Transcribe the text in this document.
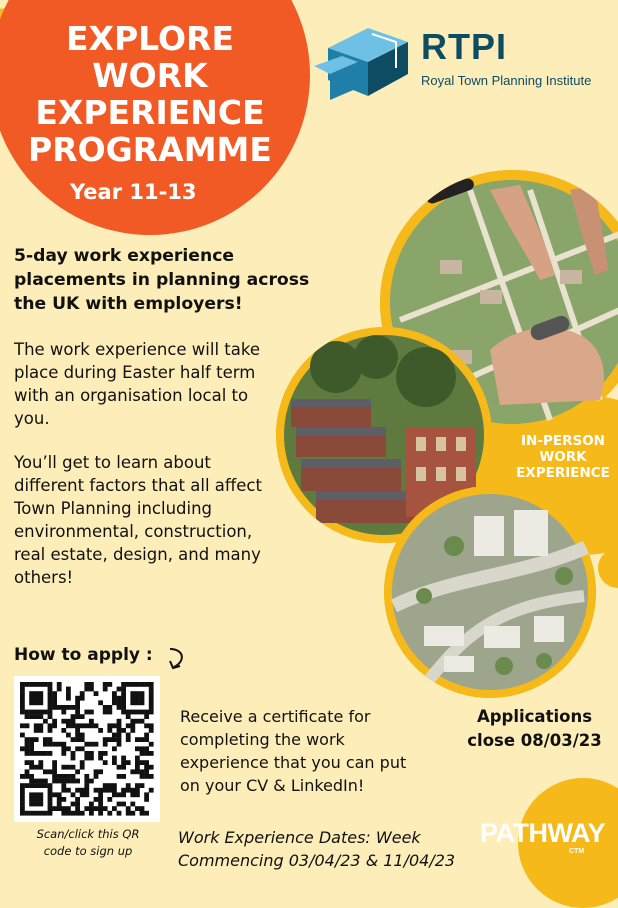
EXPLORE
WORK
EXPERIENCE
PROGRAMME
Year 11-13
RTPI
Royal Town Planning Institute
IN-PERSON
WORK
EXPERIENCE

5-day work experience placements in planning across the UK with employers!

The work experience will take place during Easter half term with an organisation local to you.

You’ll get to learn about different factors that all affect Town Planning including environmental, construction, real estate, design, and many others!

How to apply :
Scan/click this QR
code to sign up

Receive a certificate for completing the work experience that you can put on your CV & LinkedIn!

Applications
close 08/03/23
Work Experience Dates: Week
Commencing 03/04/23 & 11/04/23
PATHWAY
CTM
